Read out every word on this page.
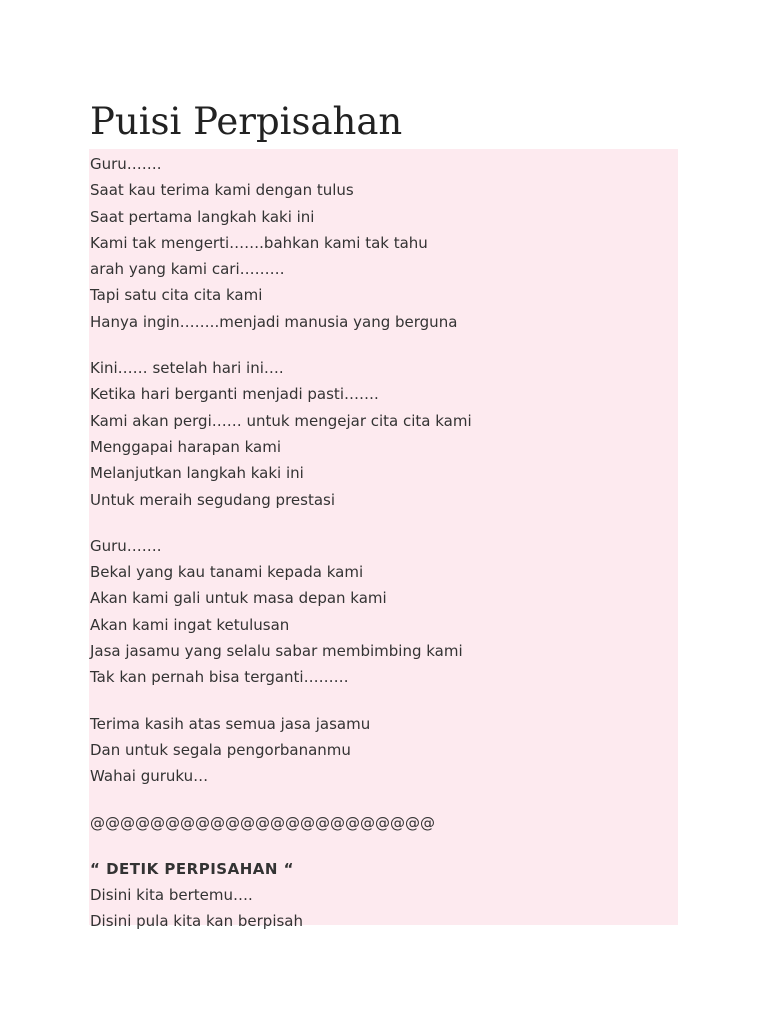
Puisi Perpisahan
Guru…….
Saat kau terima kami dengan tulus
Saat pertama langkah kaki ini
Kami tak mengerti…….bahkan kami tak tahu
arah yang kami cari………
Tapi satu cita cita kami
Hanya ingin……..menjadi manusia yang berguna
Kini…… setelah hari ini….
Ketika hari berganti menjadi pasti…….
Kami akan pergi…… untuk mengejar cita cita kami
Menggapai harapan kami
Melanjutkan langkah kaki ini
Untuk meraih segudang prestasi
Guru…….
Bekal yang kau tanami kepada kami
Akan kami gali untuk masa depan kami
Akan kami ingat ketulusan
Jasa jasamu yang selalu sabar membimbing kami
Tak kan pernah bisa terganti………
Terima kasih atas semua jasa jasamu
Dan untuk segala pengorbananmu
Wahai guruku…
@@@@@@@@@@@@@@@@@@@@@@@
“ DETIK PERPISAHAN “
Disini kita bertemu….
Disini pula kita kan berpisah
